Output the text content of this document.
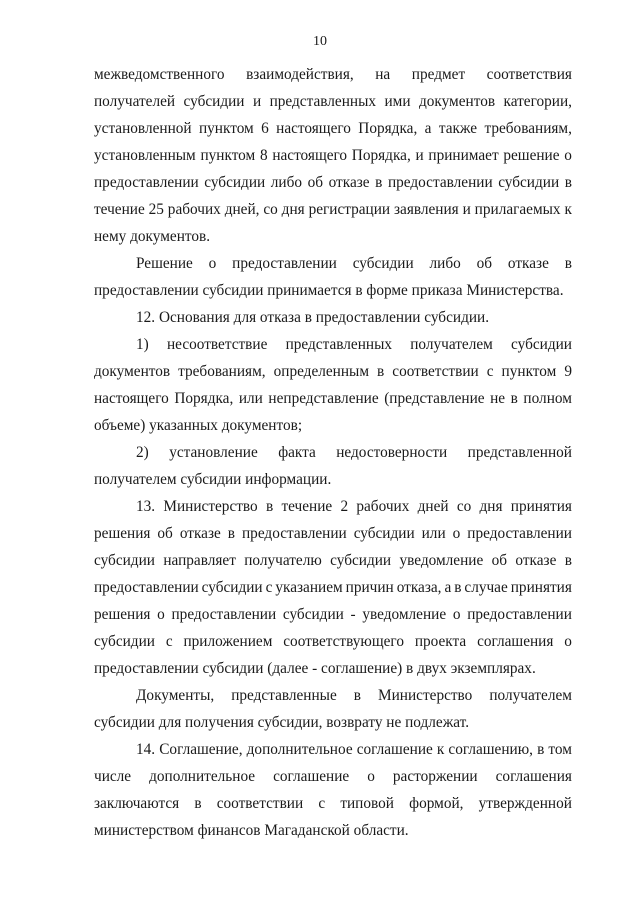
10
межведомственного взаимодействия, на предмет соответствия
получателей субсидии и представленных ими документов категории,
установленной пунктом 6 настоящего Порядка, а также требованиям,
установленным пунктом 8 настоящего Порядка, и принимает решение о
предоставлении субсидии либо об отказе в предоставлении субсидии в
течение 25 рабочих дней, со дня регистрации заявления и прилагаемых к
нему документов.
Решение о предоставлении субсидии либо об отказе в
предоставлении субсидии принимается в форме приказа Министерства.
12. Основания для отказа в предоставлении субсидии.
1) несоответствие представленных получателем субсидии
документов требованиям, определенным в соответствии с пунктом 9
настоящего Порядка, или непредставление (представление не в полном
объеме) указанных документов;
2) установление факта недостоверности представленной
получателем субсидии информации.
13. Министерство в течение 2 рабочих дней со дня принятия
решения об отказе в предоставлении субсидии или о предоставлении
субсидии направляет получателю субсидии уведомление об отказе в
предоставлении субсидии с указанием причин отказа, а в случае принятия
решения о предоставлении субсидии - уведомление о предоставлении
субсидии с приложением соответствующего проекта соглашения о
предоставлении субсидии (далее - соглашение) в двух экземплярах.
Документы, представленные в Министерство получателем
субсидии для получения субсидии, возврату не подлежат.
14. Соглашение, дополнительное соглашение к соглашению, в том
числе дополнительное соглашение о расторжении соглашения
заключаются в соответствии с типовой формой, утвержденной
министерством финансов Магаданской области.
